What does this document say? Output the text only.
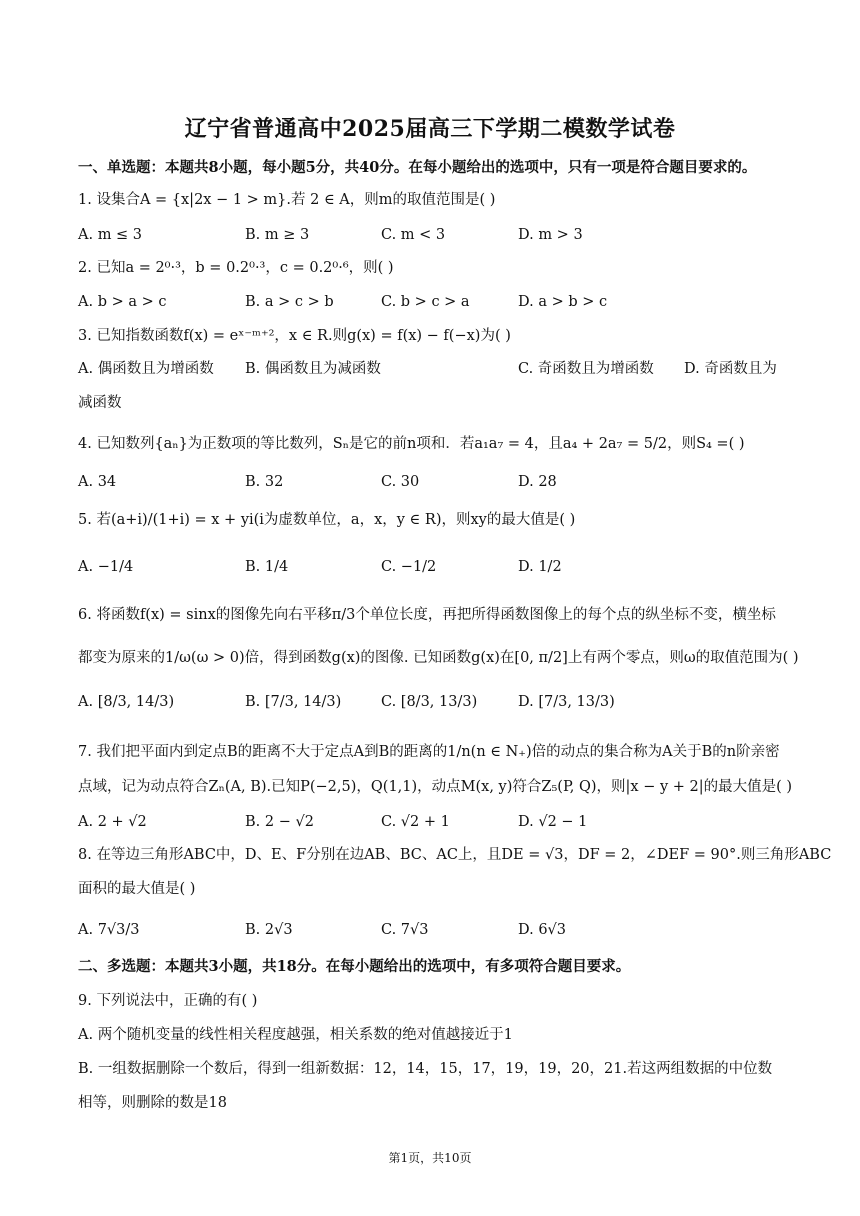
辽宁省普通高中2025届高三下学期二模数学试卷
一、单选题：本题共8小题，每小题5分，共40分。在每小题给出的选项中，只有一项是符合题目要求的。
1. 设集合A = {x|2x − 1 > m}.若 2 ∈ A，则m的取值范围是( )
A. m ≤ 3	B. m ≥ 3	C. m < 3	D. m > 3
2. 已知a = 2⁰·³，b = 0.2⁰·³，c = 0.2⁰·⁶，则( )
A. b > a > c	B. a > c > b	C. b > c > a	D. a > b > c
3. 已知指数函数f(x) = eˣ⁻ᵐ⁺²，x ∈ R.则g(x) = f(x) − f(−x)为( )
A. 偶函数且为增函数 B. 偶函数且为减函数	C. 奇函数且为增函数 D. 奇函数且为
减函数
4. 已知数列{aₙ}为正数项的等比数列，Sₙ是它的前n项和．若a₁a₇ = 4，且a₄ + 2a₇ = 5/2，则S₄ =( )
A. 34	B. 32	C. 30	D. 28
5. 若(a+i)/(1+i) = x + yi(i为虚数单位，a，x，y ∈ R)，则xy的最大值是( )
A. −1/4	B. 1/4	C. −1/2	D. 1/2
6. 将函数f(x) = sinx的图像先向右平移π/3个单位长度，再把所得函数图像上的每个点的纵坐标不变，横坐标
都变为原来的1/ω(ω > 0)倍，得到函数g(x)的图像. 已知函数g(x)在[0, π/2]上有两个零点，则ω的取值范围为( )
A. [8/3, 14/3)	B. [7/3, 14/3)	C. [8/3, 13/3)	D. [7/3, 13/3)
7. 我们把平面内到定点B的距离不大于定点A到B的距离的1/n(n ∈ N₊)倍的动点的集合称为A关于B的n阶亲密
点域，记为动点符合Zₙ(A, B).已知P(−2,5)，Q(1,1)，动点M(x, y)符合Z₅(P, Q)，则|x − y + 2|的最大值是( )
A. 2 + √2	B. 2 − √2	C. √2 + 1	D. √2 − 1
8. 在等边三角形ABC中，D、E、F分别在边AB、BC、AC上，且DE = √3，DF = 2，∠DEF = 90°.则三角形ABC
面积的最大值是( )
A. 7√3/3	B. 2√3	C. 7√3	D. 6√3
二、多选题：本题共3小题，共18分。在每小题给出的选项中，有多项符合题目要求。
9. 下列说法中，正确的有( )
A. 两个随机变量的线性相关程度越强，相关系数的绝对值越接近于1
B. 一组数据删除一个数后，得到一组新数据：12，14，15，17，19，19，20，21.若这两组数据的中位数
相等，则删除的数是18
第1页，共10页
